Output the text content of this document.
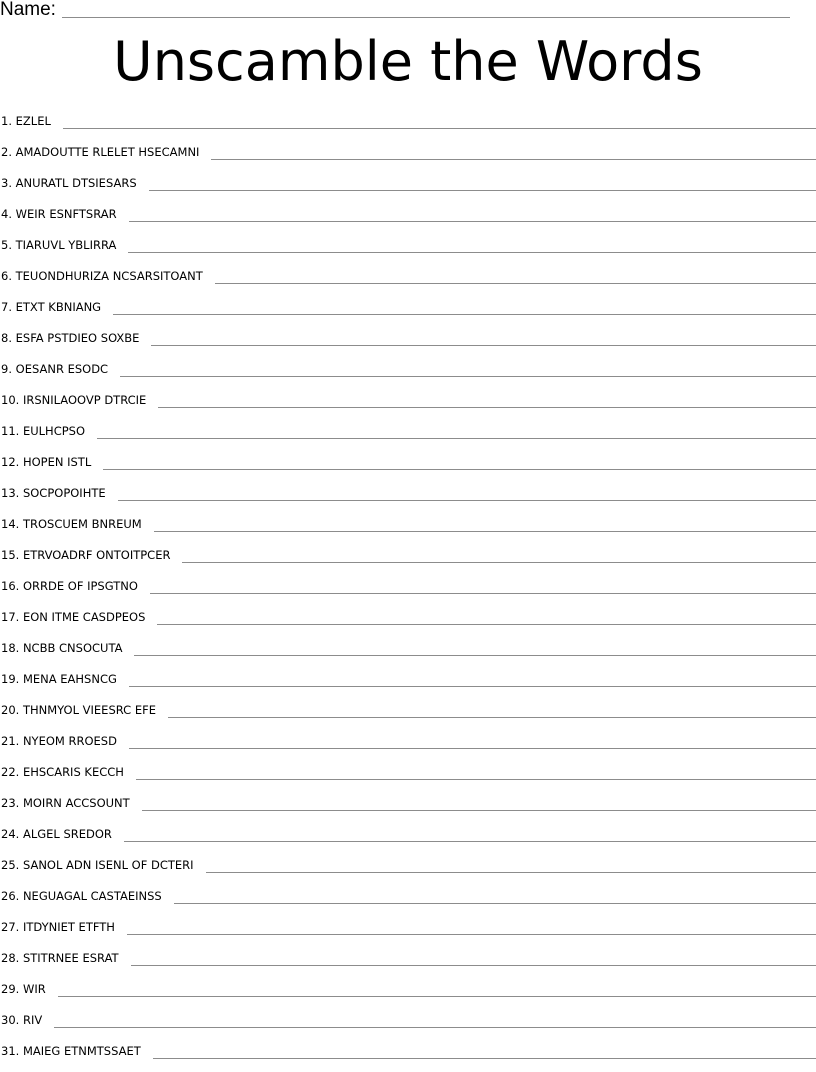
Name:
Unscamble the Words
1. EZLEL
2. AMADOUTTE RLELET HSECAMNI
3. ANURATL DTSIESARS
4. WEIR ESNFTSRAR
5. TIARUVL YBLIRRA
6. TEUONDHURIZA NCSARSITOANT
7. ETXT KBNIANG
8. ESFA PSTDIEO SOXBE
9. OESANR ESODC
10. IRSNILAOOVP DTRCIE
11. EULHCPSO
12. HOPEN ISTL
13. SOCPOPOIHTE
14. TROSCUEM BNREUM
15. ETRVOADRF ONTOITPCER
16. ORRDE OF IPSGTNO
17. EON ITME CASDPEOS
18. NCBB CNSOCUTA
19. MENA EAHSNCG
20. THNMYOL VIEESRC EFE
21. NYEOM RROESD
22. EHSCARIS KECCH
23. MOIRN ACCSOUNT
24. ALGEL SREDOR
25. SANOL ADN ISENL OF DCTERI
26. NEGUAGAL CASTAEINSS
27. ITDYNIET ETFTH
28. STITRNEE ESRAT
29. WIR
30. RIV
31. MAIEG ETNMTSSAET
